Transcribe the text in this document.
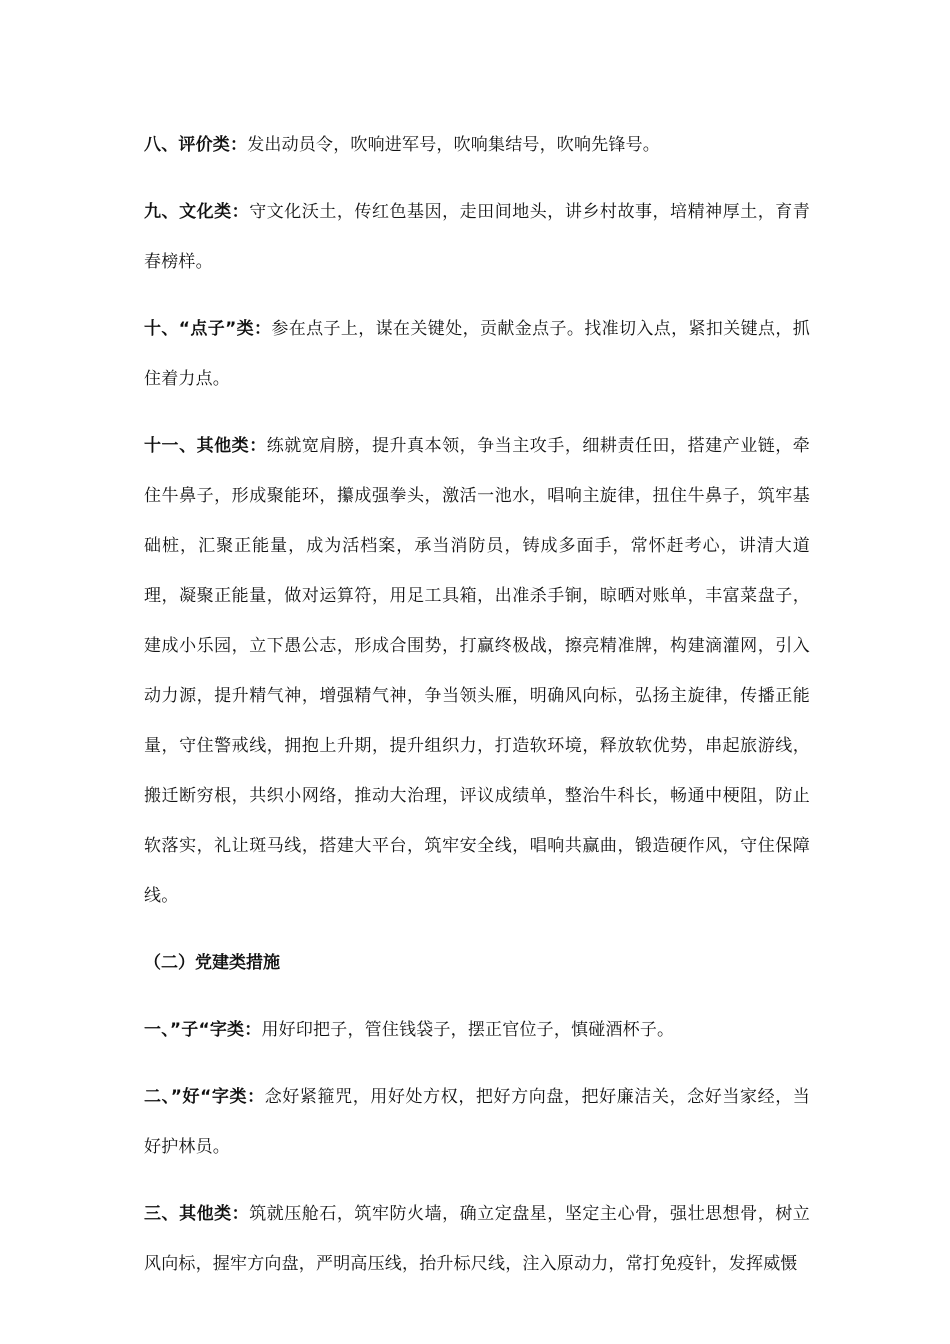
八、评价类：发出动员令，吹响进军号，吹响集结号，吹响先锋号。

九、文化类：守文化沃土，传红色基因，走田间地头，讲乡村故事，培精神厚土，育青春榜样。

十、“点子”类：参在点子上，谋在关键处，贡献金点子。找准切入点，紧扣关键点，抓住着力点。

十一、其他类：练就宽肩膀，提升真本领，争当主攻手，细耕责任田，搭建产业链，牵住牛鼻子，形成聚能环，攥成强拳头，激活一池水，唱响主旋律，扭住牛鼻子，筑牢基础桩，汇聚正能量，成为活档案，承当消防员，铸成多面手，常怀赶考心，讲清大道理，凝聚正能量，做对运算符，用足工具箱，出准杀手锏，晾晒对账单，丰富菜盘子，建成小乐园，立下愚公志，形成合围势，打赢终极战，擦亮精准牌，构建滴灌网，引入动力源，提升精气神，增强精气神，争当领头雁，明确风向标，弘扬主旋律，传播正能量，守住警戒线，拥抱上升期，提升组织力，打造软环境，释放软优势，串起旅游线，搬迁断穷根，共织小网络，推动大治理，评议成绩单，整治牛科长，畅通中梗阻，防止软落实，礼让斑马线，搭建大平台，筑牢安全线，唱响共赢曲，锻造硬作风，守住保障线。

（二）党建类措施

一、”子“字类：用好印把子，管住钱袋子，摆正官位子，慎碰酒杯子。

二、”好“字类：念好紧箍咒，用好处方权，把好方向盘，把好廉洁关，念好当家经，当好护林员。

三、其他类：筑就压舱石，筑牢防火墙，确立定盘星，坚定主心骨，强壮思想骨，树立风向标，握牢方向盘，严明高压线，抬升标尺线，注入原动力，常打免疫针，发挥威慑
